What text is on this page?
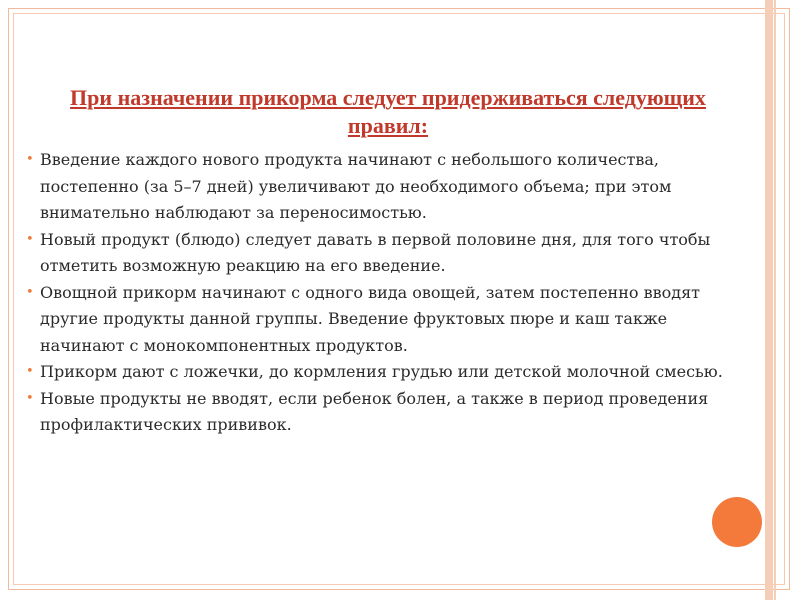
При назначении прикорма следует придерживаться следующих правил:
• Введение каждого нового продукта начинают с небольшого количества, постепенно (за 5–7 дней) увеличивают до необходимого объема; при этом внимательно наблюдают за переносимостью.
• Новый продукт (блюдо) следует давать в первой половине дня, для того чтобы отметить возможную реакцию на его введение.
• Овощной прикорм начинают с одного вида овощей, затем постепенно вводят другие продукты данной группы. Введение фруктовых пюре и каш также начинают с монокомпонентных продуктов.
• Прикорм дают с ложечки, до кормления грудью или детской молочной смесью.
• Новые продукты не вводят, если ребенок болен, а также в период проведения профилактических прививок.
